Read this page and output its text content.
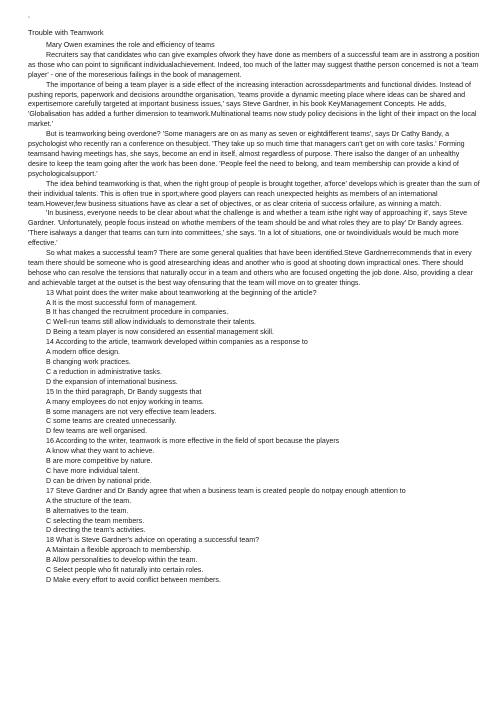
▫
Trouble with Teamwork

Mary Owen examines the role and efficiency of teams

Recruiters say that candidates who can give examples ofwork they have done as members of a successful team are in asstrong a position as those who can point to significant individualachievement. Indeed, too much of the latter may suggest thatthe person concerned is not a 'team player' - one of the moreserious failings in the book of management.

The importance of being a team player is a side effect of the increasing interaction acrossdepartments and functional divides. Instead of pushing reports, paperwork and decisions aroundthe organisation, 'teams provide a dynamic meeting place where ideas can be shared and expertisemore carefully targeted at important business issues,' says Steve Gardner, in his book KeyManagement Concepts. He adds, 'Globalisation has added a further dimension to teamwork.Multinational teams now study policy decisions in the light of their impact on the local market.'

But is teamworking being overdone? 'Some managers are on as many as seven or eightdifferent teams', says Dr Cathy Bandy, a psychologist who recently ran a conference on thesubject. 'They take up so much time that managers can't get on with core tasks.' Forming teamsand having meetings has, she says, become an end in itself, almost regardless of purpose. There isalso the danger of an unhealthy desire to keep the team going after the work has been done. 'People feel the need to belong, and team membership can provide a kind of psychologicalsupport.'

The idea behind teamworking is that, when the right group of people is brought together, a'force' develops which is greater than the sum of their individual talents. This is often true in sport,where good players can reach unexpected heights as members of an international team.However,few business situations have as clear a set of objectives, or as clear criteria of success orfailure, as winning a match.

'In business, everyone needs to be clear about what the challenge is and whether a team isthe right way of approaching it', says Steve Gardner. 'Unfortunately, people focus instead on whothe members of the team should be and what roles they are to play' Dr Bandy agrees. 'There isalways a danger that teams can turn into committees,' she says. 'In a lot of situations, one or twoindividuals would be much more effective.'

So what makes a successful team? There are some general qualities that have been identified.Steve Gardnerrecommends that in every team there should be someone who is good atresearching ideas and another who is good at shooting down impractical ones. There should behose who can resolve the tensions that naturally occur in a team and others who are focused ongetting the job done. Also, providing a clear and achievable target at the outset is the best way ofensuring that the team will move on to greater things.

13 What point does the writer make about teamworking at the beginning of the article?
A It is the most successful form of management.
B It has changed the recruitment procedure in companies.
C Well-run teams still allow individuals to demonstrate their talents.
D Being a team player is now considered an essential management skill.
14 According to the article, teamwork developed within companies as a response to
A modern office design.
B changing work practices.
C a reduction in administrative tasks.
D the expansion of international business.
15 In the third paragraph, Dr Bandy suggests that
A many employees do not enjoy working in teams.
B some managers are not very effective team leaders.
C some teams are created unnecessarily.
D few teams are well organised.
16 According to the writer, teamwork is more effective in the field of sport because the players
A know what they want to achieve.
B are more competitive by nature.
C have more individual talent.
D can be driven by national pride.
17 Steve Gardner and Dr Bandy agree that when a business team is created people do notpay enough attention to
A the structure of the team.
B alternatives to the team.
C selecting the team members.
D directing the team's activities.
18 What is Steve Gardner's advice on operating a successful team?
A Maintain a flexible approach to membership.
B Allow personalities to develop within the team.
C Select people who fit naturally into certain roles.
D Make every effort to avoid conflict between members.
